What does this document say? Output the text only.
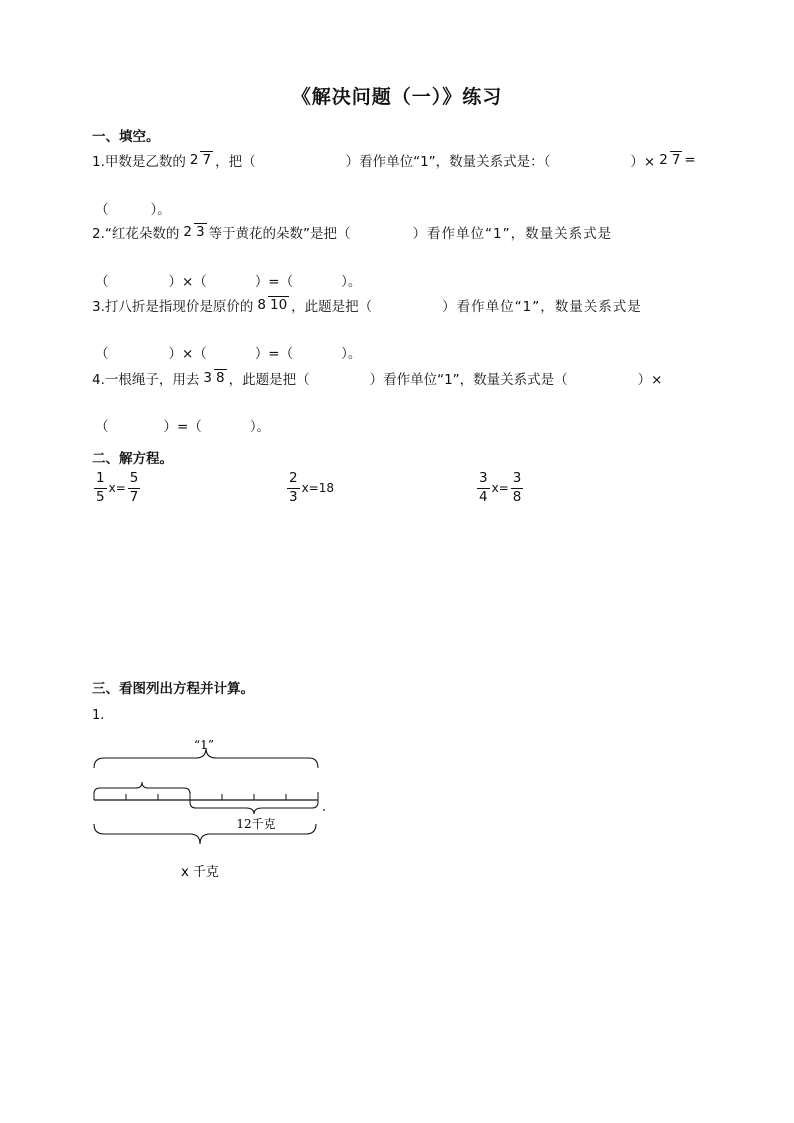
《解决问题（一）》练习
一、填空。
1.甲数是乙数的 2 7 ，把（	）看作单位“1”，数量关系式是：（	）× 2 7 =
（	）。
2.“红花朵数的 2 3 等于黄花的朵数”是把（	）看作单位“1”，数量关系式是
（	）×（	）=（	）。
3.打八折是指现价是原价的 8 10 ，此题是把（	）看作单位“1”，数量关系式是
（	）×（	）=（	）。
4.一根绳子，用去 3 8 ，此题是把（	）看作单位“1”，数量关系式是（	）×
（	）=（	）。
二、解方程。
$\frac{1}{5} x= \frac{5}{7}$	$\frac{2}{3} x=18$	$\frac{3}{4} x= \frac{3}{8}$
三、看图列出方程并计算。
1.
“1”
12千克
x 千克
